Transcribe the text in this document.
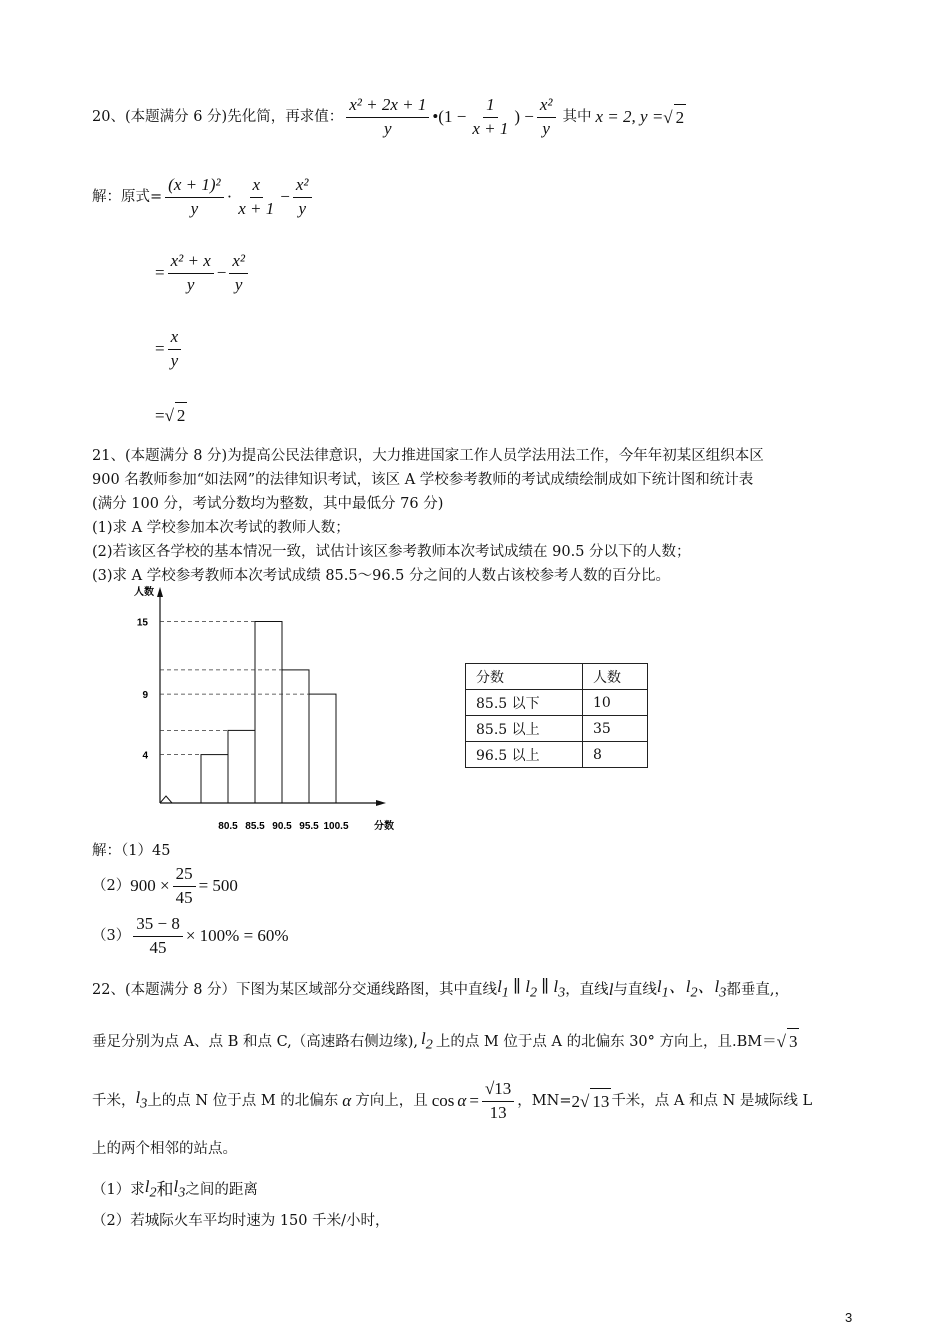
20、(本题满分 6 分)先化简，再求值： $\frac{\text{x² + 2x + 1}}{y}$ •(1 − $\frac{1}{x + 1}$ ) − $\frac{\text{x²}}{y}$ 其中 x = 2, y = √ 2
解：原式= $\frac{\text{(x + 1)²}}{y} \cdot \frac{x}{x + 1} - \frac{\text{x²}}{y}$
= $\frac{\text{x² + x}}{y} - \frac{\text{x²}}{y}$
= $\frac{x}{y}$
=√ 2
21、(本题满分 8 分)为提高公民法律意识，大力推进国家工作人员学法用法工作，今年年初某区组织本区
900 名教师参加“如法网”的法律知识考试，该区 A 学校参考教师的考试成绩绘制成如下统计图和统计表
(满分 100 分，考试分数均为整数，其中最低分 76 分)
(1)求 A 学校参加本次考试的教师人数；
(2)若该区各学校的基本情况一致，试估计该区参考教师本次考试成绩在 90.5 分以下的人数；
(3)求 A 学校参考教师本次考试成绩 85.5～96.5 分之间的人数占该校参考人数的百分比。
4
9
15
80.5 85.5 90.5 95.5 100.5
人数
分数
分数	人数
85.5 以下	10
85.5 以上	35
96.5 以上	8
解：（1）45
（2） $900 \times \frac{25}{45} = 500$
$(3) \frac{35 - 8}{45} \times 100\% = 60\%$
22、(本题满分 8 分）下图为某区域部分交通线路图，其中直线 $l_1$ ∥ $l_2$ ∥ $l_3$ ，直线 l 与直线 $l_1$、$l_2$、$l_3$ 都垂直,，
垂足分别为点 A、点 B 和点 C,（高速路右侧边缘), $l_2$ 上的点 M 位于点 A 的北偏东 30° 方向上，且.BM＝ √ 3
千米， $l_3$ 上的点 N 位于点 M 的北偏东 α 方向上，且 $\cos \alpha = \frac{√13}{13}$ ，MN= 2√ 13 千米，点 A 和点 N 是城际线 L
上的两个相邻的站点。
（1）求 $l_2$ 和 $l_3$ 之间的距离
（2）若城际火车平均时速为 150 千米/小时，
3
